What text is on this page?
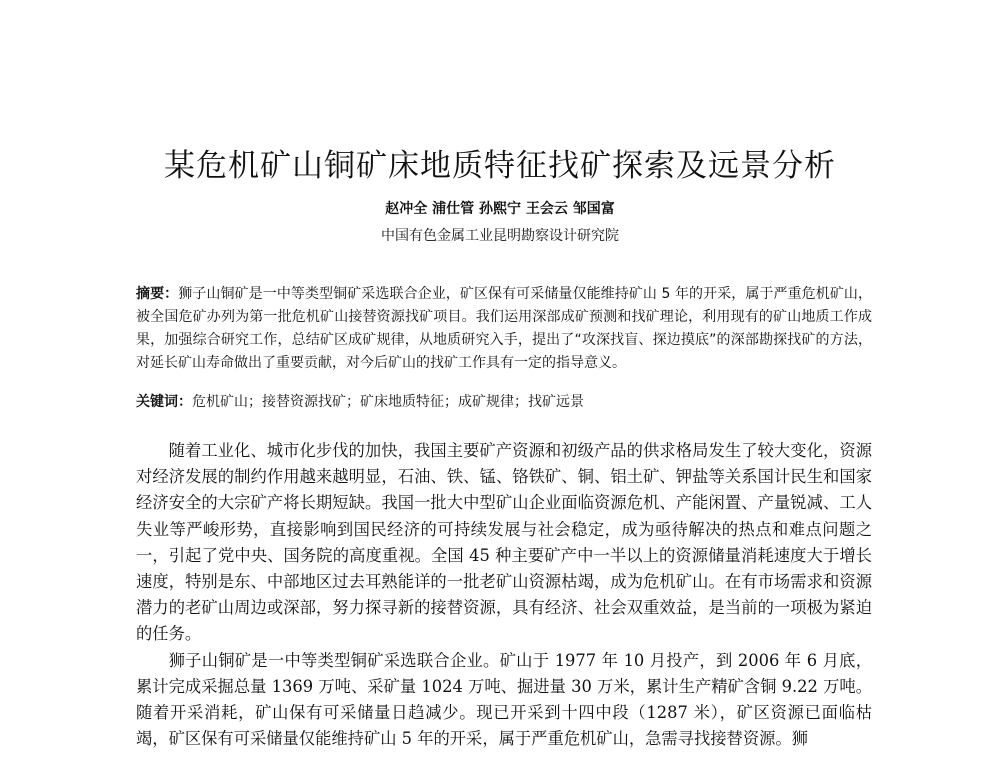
某危机矿山铜矿床地质特征找矿探索及远景分析
赵冲全 浦仕管 孙熙宁 王会云 邹国富
中国有色金属工业昆明勘察设计研究院
摘要：狮子山铜矿是一中等类型铜矿采选联合企业，矿区保有可采储量仅能维持矿山 5 年的开采，属于严重危机矿山，被全国危矿办列为第一批危机矿山接替资源找矿项目。我们运用深部成矿预测和找矿理论，利用现有的矿山地质工作成果，加强综合研究工作，总结矿区成矿规律，从地质研究入手，提出了“攻深找盲、探边摸底”的深部勘探找矿的方法，对延长矿山寿命做出了重要贡献，对今后矿山的找矿工作具有一定的指导意义。
关键词：危机矿山；接替资源找矿；矿床地质特征；成矿规律；找矿远景

随着工业化、城市化步伐的加快，我国主要矿产资源和初级产品的供求格局发生了较大变化，资源对经济发展的制约作用越来越明显，石油、铁、锰、铬铁矿、铜、铝土矿、钾盐等关系国计民生和国家经济安全的大宗矿产将长期短缺。我国一批大中型矿山企业面临资源危机、产能闲置、产量锐减、工人失业等严峻形势，直接影响到国民经济的可持续发展与社会稳定，成为亟待解决的热点和难点问题之一，引起了党中央、国务院的高度重视。全国 45 种主要矿产中一半以上的资源储量消耗速度大于增长速度，特别是东、中部地区过去耳熟能详的一批老矿山资源枯竭，成为危机矿山。在有市场需求和资源潜力的老矿山周边或深部，努力探寻新的接替资源，具有经济、社会双重效益，是当前的一项极为紧迫的任务。

狮子山铜矿是一中等类型铜矿采选联合企业。矿山于 1977 年 10 月投产，到 2006 年 6 月底，累计完成采掘总量 1369 万吨、采矿量 1024 万吨、掘进量 30 万米，累计生产精矿含铜 9.22 万吨。随着开采消耗，矿山保有可采储量日趋减少。现已开采到十四中段（1287 米），矿区资源已面临枯竭，矿区保有可采储量仅能维持矿山 5 年的开采，属于严重危机矿山，急需寻找接替资源。狮
